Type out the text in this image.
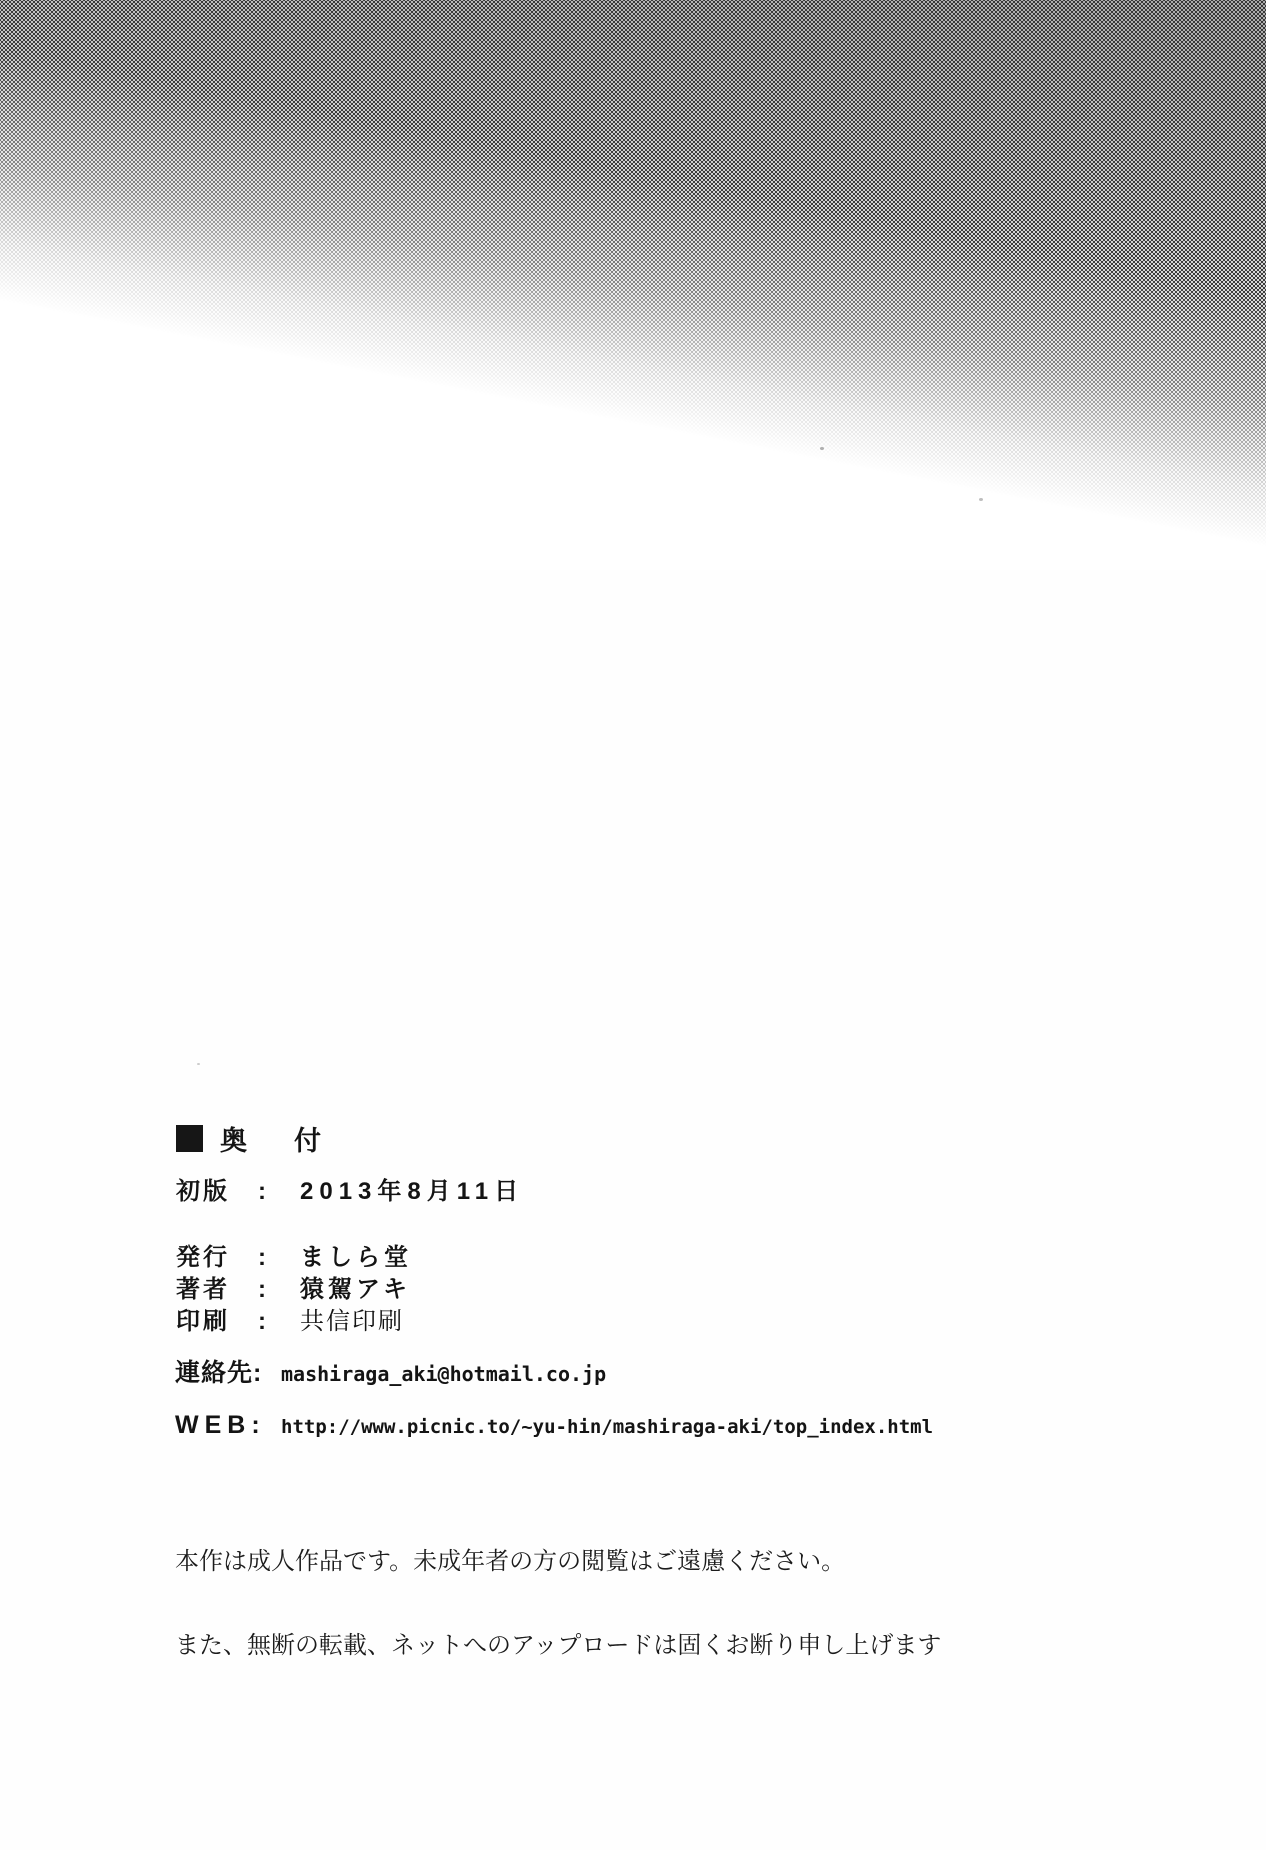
奥　付
初版	:	2013年8月11日
発行	:	ましら堂
著者	:	猿駕アキ
印刷	:	共信印刷
連絡先: mashiraga_aki@hotmail.co.jp
WEB: http://www.picnic.to/~yu-hin/mashiraga-aki/top_index.html

本作は成人作品です。未成年者の方の閲覧はご遠慮ください。

また、無断の転載、ネットへのアップロードは固くお断り申し上げます
